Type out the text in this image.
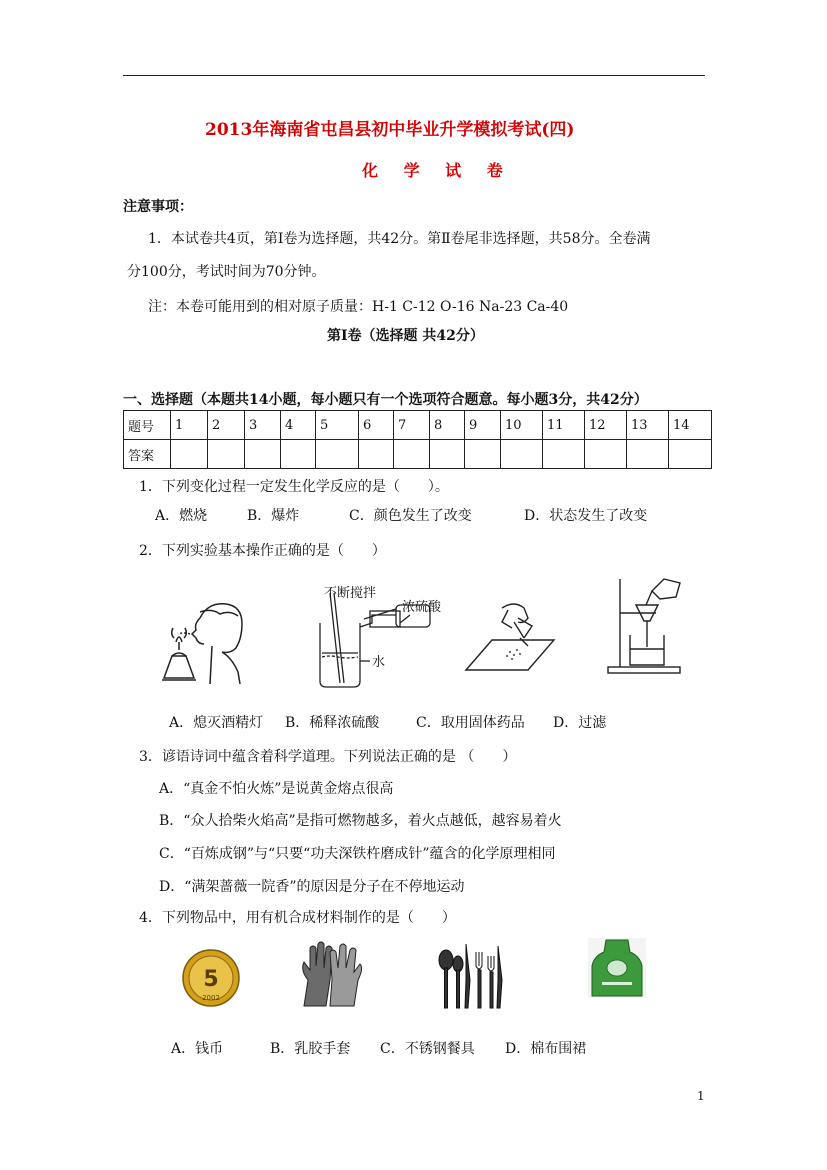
2013年海南省屯昌县初中毕业升学模拟考试(四)
化 学 试 卷
注意事项：
1．本试卷共4页，第Ⅰ卷为选择题，共42分。第Ⅱ卷尾非选择题，共58分。全卷满
分100分，考试时间为70分钟。
注：本卷可能用到的相对原子质量：H-1 C-12 O-16 Na-23 Ca-40
第Ⅰ卷（选择题 共42分）
一、选择题（本题共14小题，每小题只有一个选项符合题意。每小题3分，共42分）
题号	1	2	3	4	5	6	7	8	9	10	11	12	13	14
答案														
1．下列变化过程一定发生化学反应的是（　　）。
A．燃烧	B．爆炸	C．颜色发生了改变	D．状态发生了改变
2．下列实验基本操作正确的是（　　）
不断搅拌
浓硫酸
水
A．熄灭酒精灯 B．稀释浓硫酸	C．取用固体药品 D．过滤
3．谚语诗词中蕴含着科学道理。下列说法正确的是 （　　）
A．“真金不怕火炼”是说黄金熔点很高
B．“众人拾柴火焰高”是指可燃物越多，着火点越低，越容易着火
C．“百炼成钢”与“只要“功夫深铁杵磨成针”蕴含的化学原理相同
D．“满架蔷薇一院香”的原因是分子在不停地运动
4．下列物品中，用有机合成材料制作的是（　　）
5
2002
A．钱币	B．乳胶手套 C．不锈钢餐具 D．棉布围裙
1
